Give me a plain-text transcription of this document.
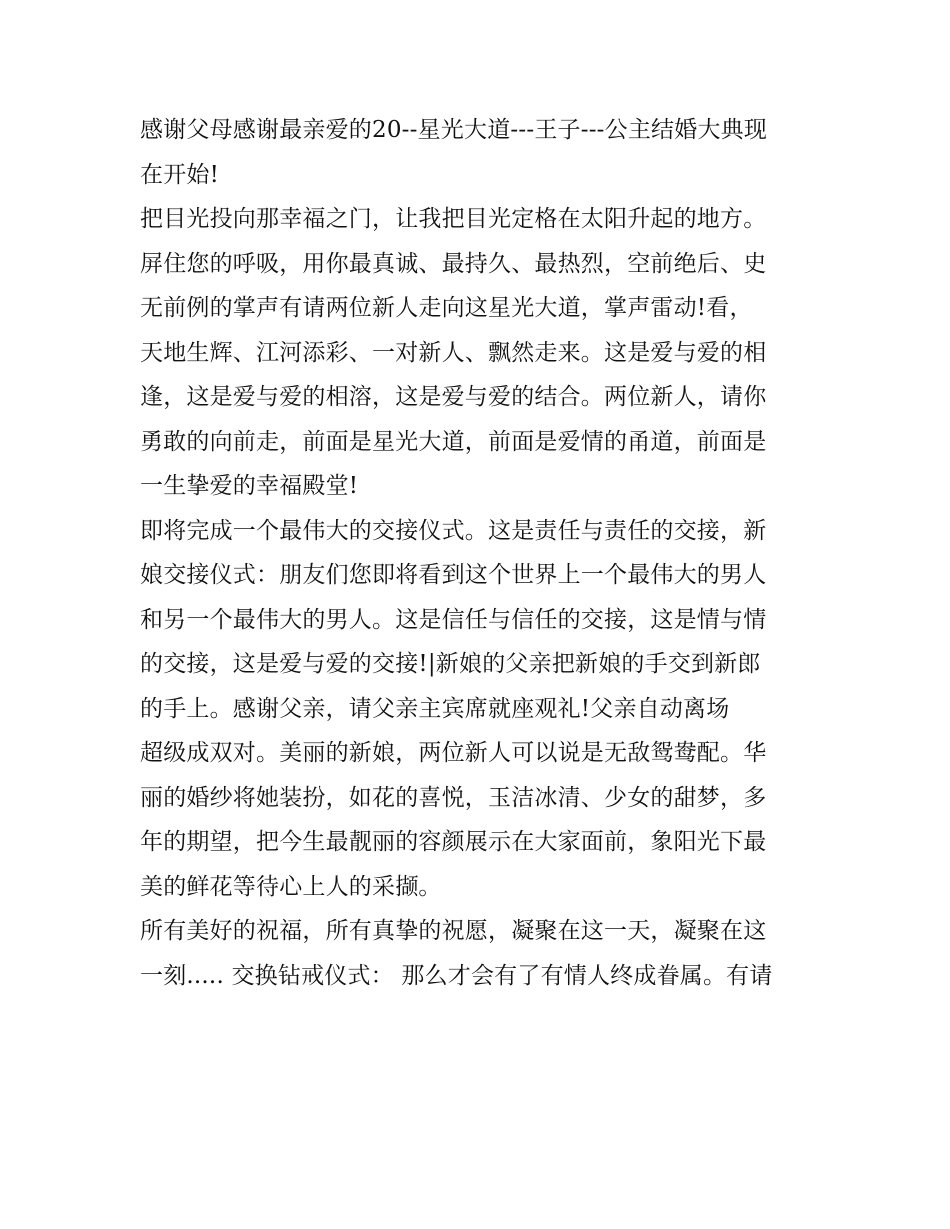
感谢父母感谢最亲爱的20--星光大道---王子---公主结婚大典现
在开始!
把目光投向那幸福之门，让我把目光定格在太阳升起的地方。
屏住您的呼吸，用你最真诚、最持久、最热烈，空前绝后、史
无前例的掌声有请两位新人走向这星光大道，掌声雷动!看，
天地生辉、江河添彩、一对新人、飘然走来。这是爱与爱的相
逢，这是爱与爱的相溶，这是爱与爱的结合。两位新人，请你
勇敢的向前走，前面是星光大道，前面是爱情的甬道，前面是
一生挚爱的幸福殿堂!
即将完成一个最伟大的交接仪式。这是责任与责任的交接，新
娘交接仪式：朋友们您即将看到这个世界上一个最伟大的男人
和另一个最伟大的男人。这是信任与信任的交接，这是情与情
的交接，这是爱与爱的交接!|新娘的父亲把新娘的手交到新郎
的手上。感谢父亲，请父亲主宾席就座观礼!父亲自动离场
超级成双对。美丽的新娘，两位新人可以说是无敌鸳鸯配。华
丽的婚纱将她装扮，如花的喜悦，玉洁冰清、少女的甜梦，多
年的期望，把今生最靓丽的容颜展示在大家面前，象阳光下最
美的鲜花等待心上人的采撷。
所有美好的祝福，所有真挚的祝愿，凝聚在这一天，凝聚在这
一刻..... 交换钻戒仪式： 那么才会有了有情人终成眷属。有请
